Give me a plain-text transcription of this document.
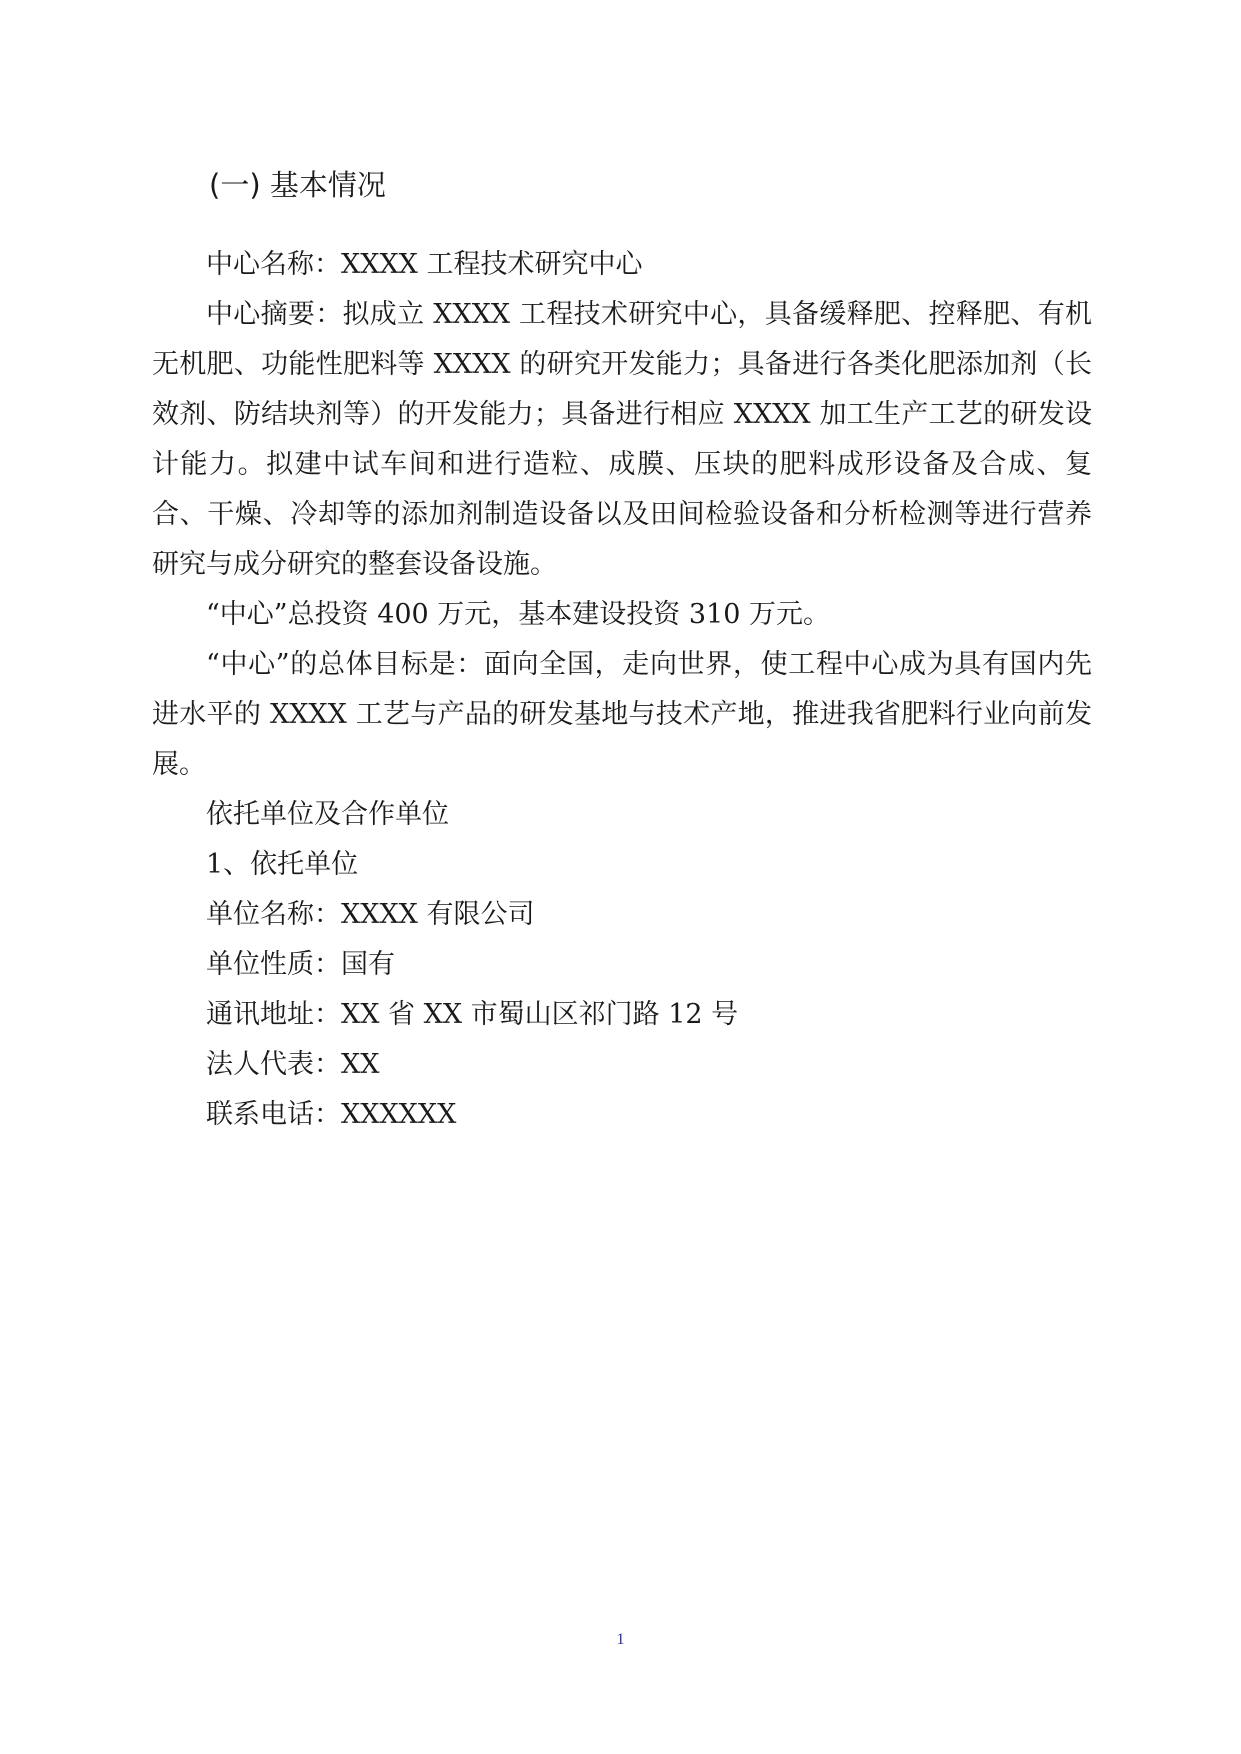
(一) 基本情况

中心名称：XXXX 工程技术研究中心

中心摘要：拟成立 XXXX 工程技术研究中心，具备缓释肥、控释肥、有机无机肥、功能性肥料等 XXXX 的研究开发能力；具备进行各类化肥添加剂（长效剂、防结块剂等）的开发能力；具备进行相应 XXXX 加工生产工艺的研发设计能力。拟建中试车间和进行造粒、成膜、压块的肥料成形设备及合成、复合、干燥、冷却等的添加剂制造设备以及田间检验设备和分析检测等进行营养研究与成分研究的整套设备设施。

“中心”总投资 400 万元，基本建设投资 310 万元。

“中心”的总体目标是：面向全国，走向世界，使工程中心成为具有国内先进水平的 XXXX 工艺与产品的研发基地与技术产地，推进我省肥料行业向前发展。

依托单位及合作单位

1、依托单位

单位名称：XXXX 有限公司

单位性质：国有

通讯地址：XX 省 XX 市蜀山区祁门路 12 号

法人代表：XX

联系电话：XXXXXX

1
